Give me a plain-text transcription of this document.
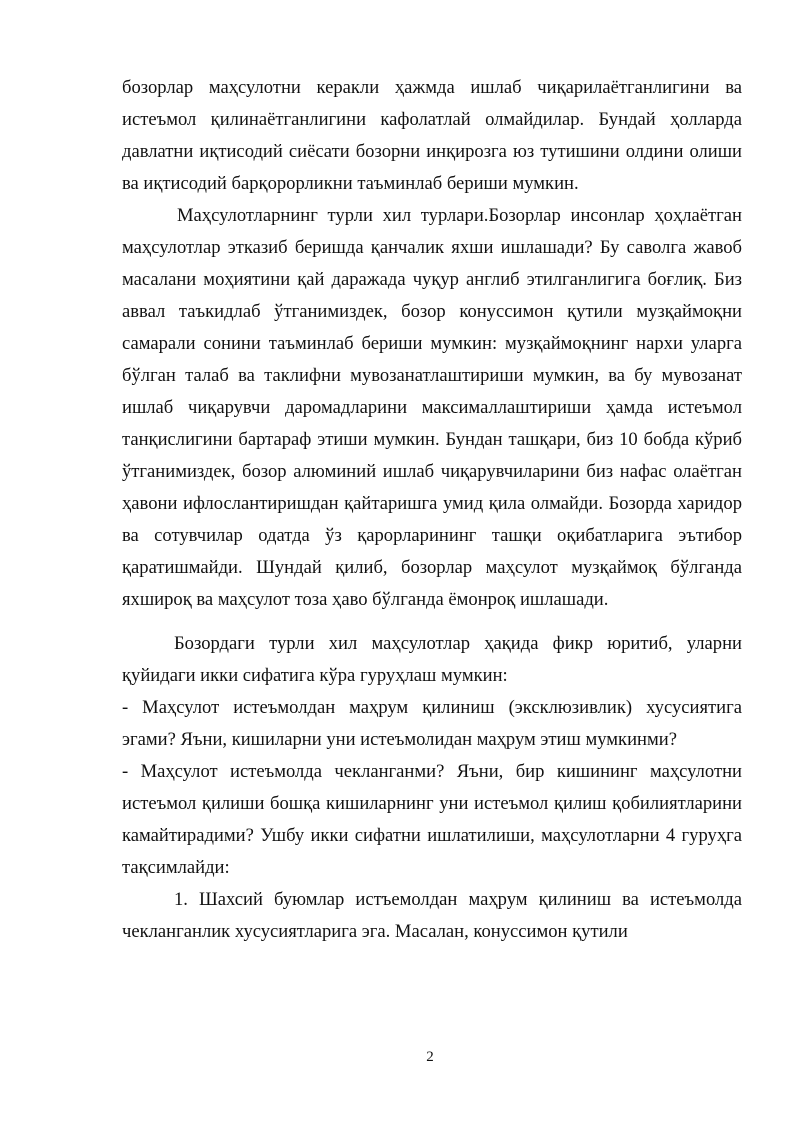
бозорлар маҳсулотни керакли ҳажмда ишлаб чиқарилаётганлигини ва истеъмол қилинаётганлигини кафолатлай олмайдилар. Бундай ҳолларда давлатни иқтисодий сиёсати бозорни инқирозга юз тутишини олдини олиши ва иқтисодий барқорорликни таъминлаб бериши мумкин.

Маҳсулотларнинг турли хил турлари.Бозорлар инсонлар ҳоҳлаётган маҳсулотлар этказиб беришда қанчалик яхши ишлашади? Бу саволга жавоб масалани моҳиятини қай даражада чуқур англиб этилганлигига боғлиқ. Биз аввал таъкидлаб ўтганимиздек, бозор конуссимон қутили музқаймоқни самарали сонини таъминлаб бериши мумкин: музқаймоқнинг нархи уларга бўлган талаб ва таклифни мувозанатлаштириши мумкин, ва бу мувозанат ишлаб чиқарувчи даромадларини максималлаштириши ҳамда истеъмол танқислигини бартараф этиши мумкин. Бундан ташқари, биз 10 бобда кўриб ўтганимиздек, бозор алюминий ишлаб чиқарувчиларини биз нафас олаётган ҳавони ифлослантиришдан қайтаришга умид қила олмайди. Бозорда харидор ва сотувчилар одатда ўз қарорларининг ташқи оқибатларига эътибор қаратишмайди. Шундай қилиб, бозорлар маҳсулот музқаймоқ бўлганда яхшироқ ва маҳсулот тоза ҳаво бўлганда ёмонроқ ишлашади.

Бозордаги турли хил маҳсулотлар ҳақида фикр юритиб, уларни қуйидаги икки сифатига кўра гуруҳлаш мумкин:

- Маҳсулот истеъмолдан маҳрум қилиниш (эксклюзивлик) хусусиятига эгами? Яъни, кишиларни уни истеъмолидан маҳрум этиш мумкинми?

- Маҳсулот истеъмолда чекланганми? Яъни, бир кишининг маҳсулотни истеъмол қилиши бошқа кишиларнинг уни истеъмол қилиш қобилиятларини камайтирадими? Ушбу икки сифатни ишлатилиши, маҳсулотларни 4 гуруҳга тақсимлайди:

1. Шахсий буюмлар истъемолдан маҳрум қилиниш ва истеъмолда чекланганлик хусусиятларига эга. Масалан, конуссимон қутили

2
